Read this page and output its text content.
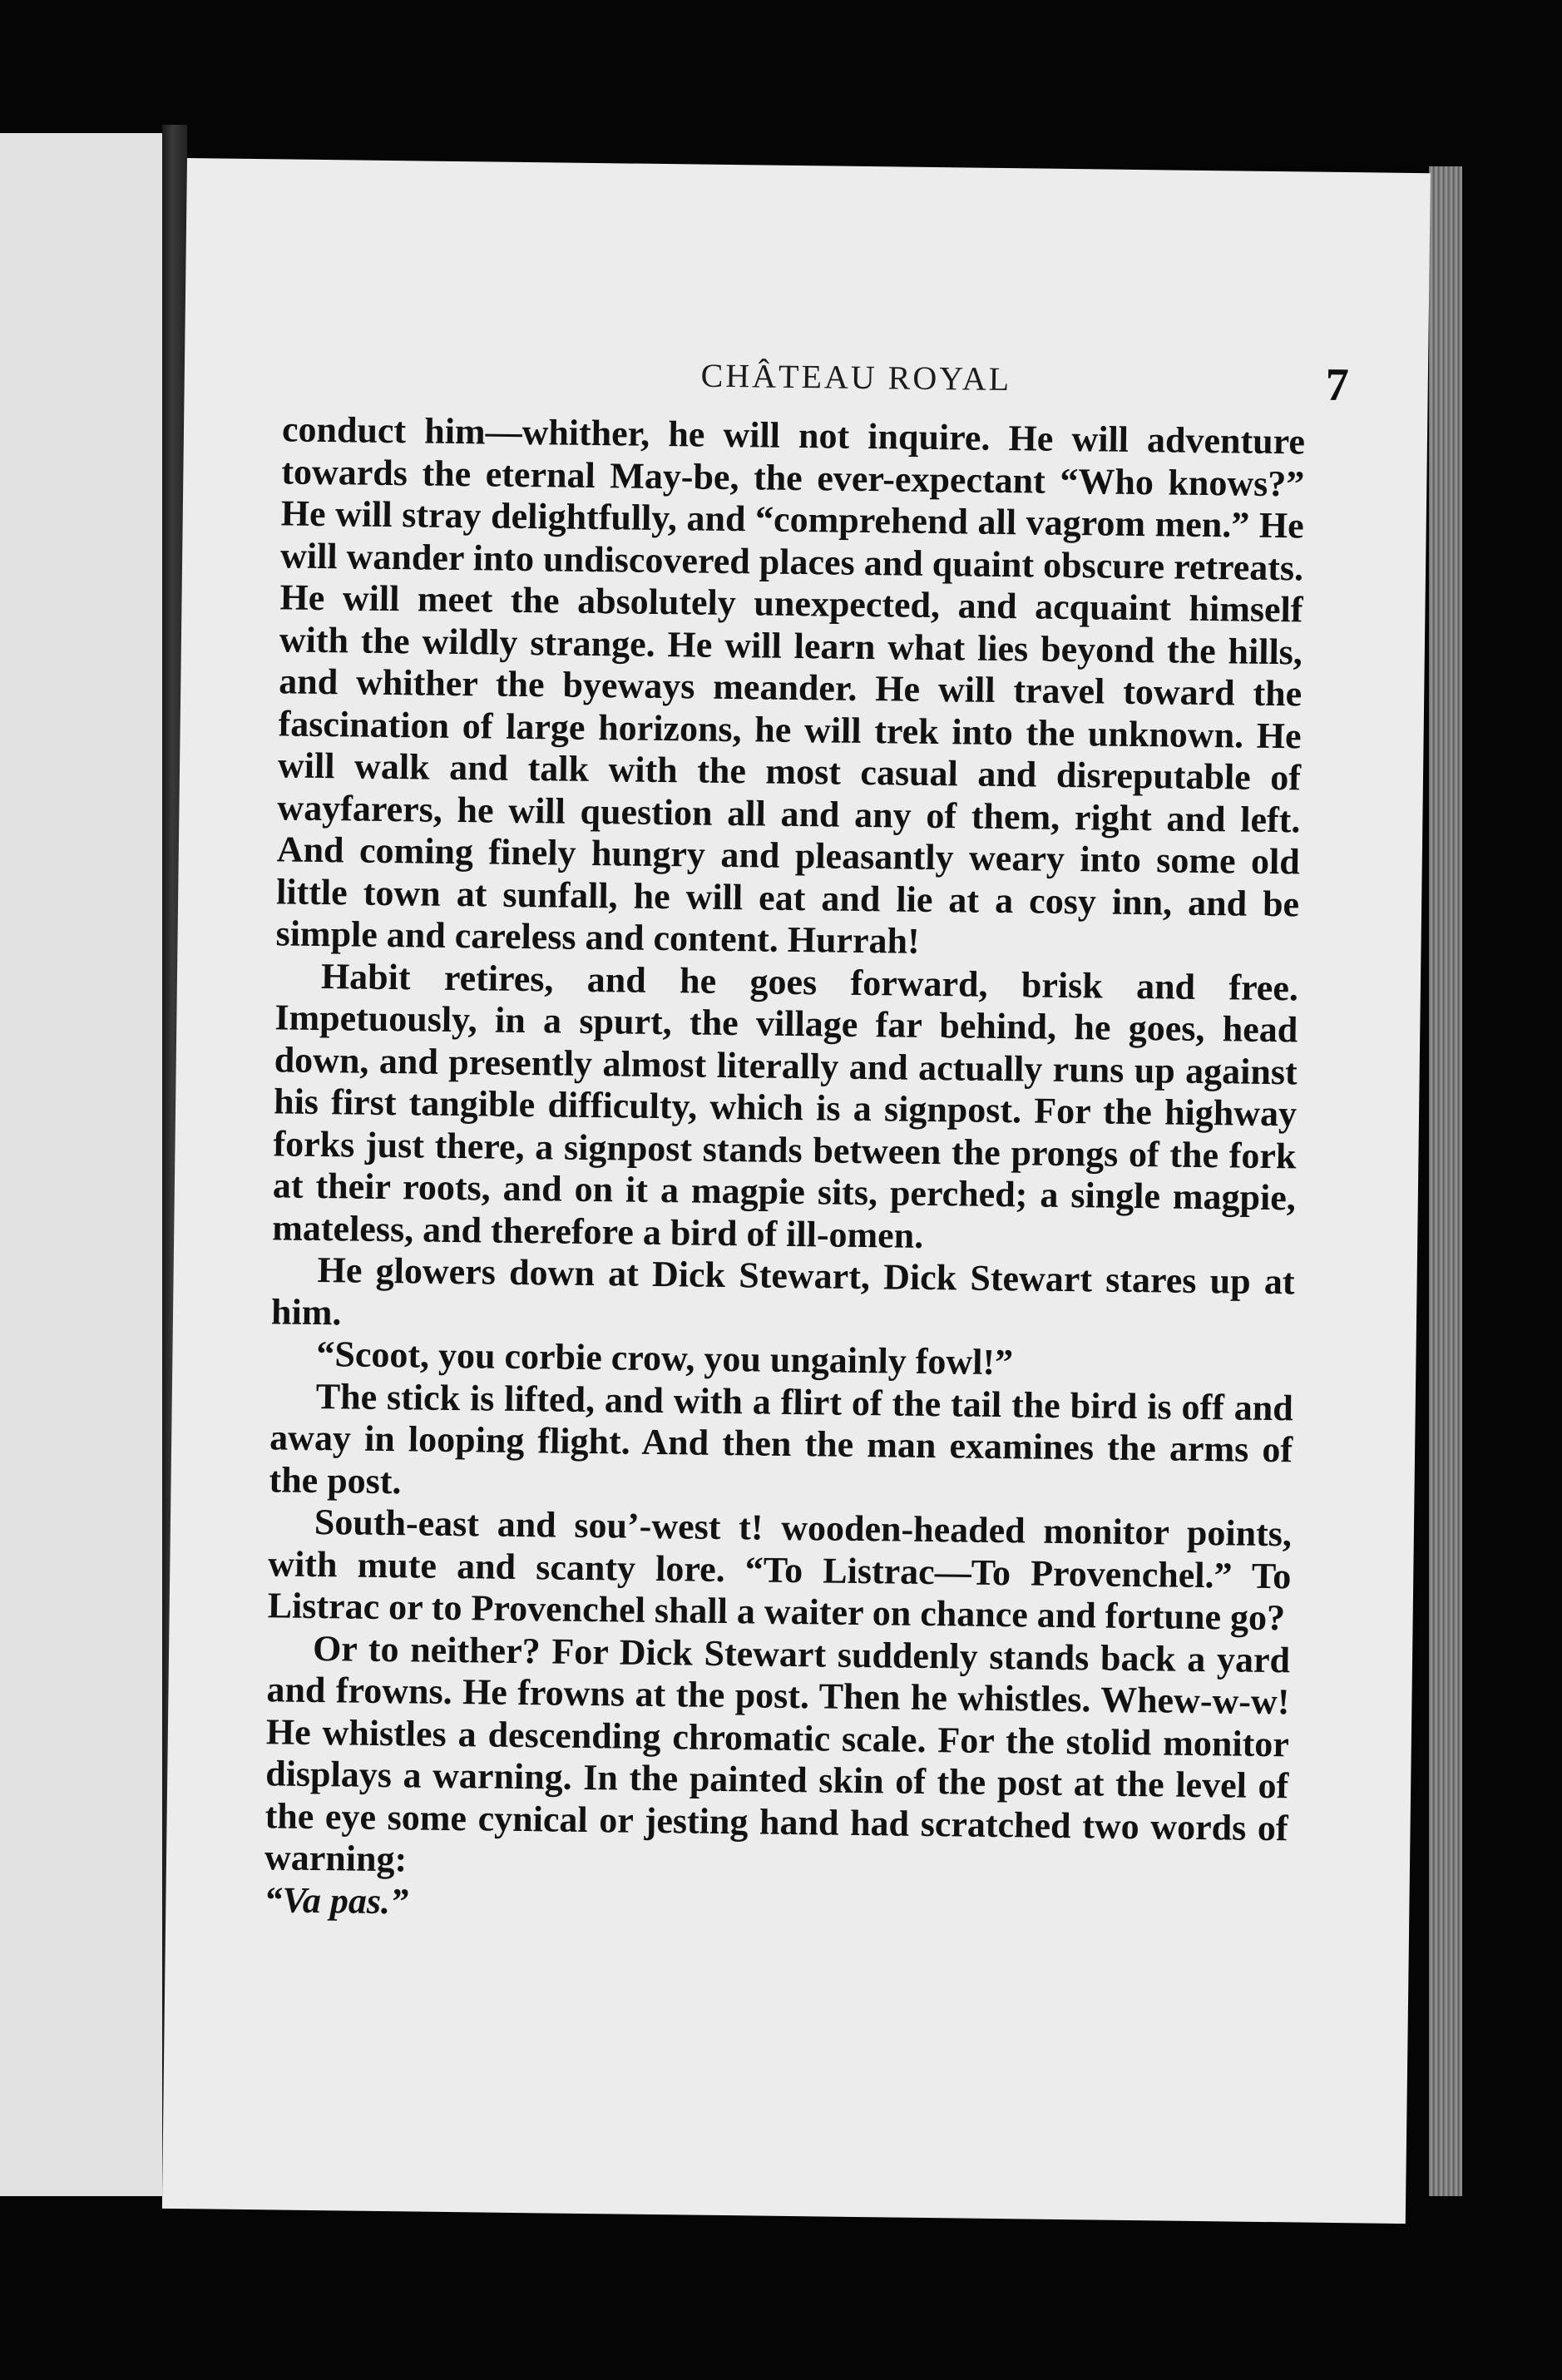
CHÂTEAU ROYAL	7

conduct him—whither, he will not inquire. He will adventure towards the eternal May-be, the ever-expectant “Who knows?” He will stray delightfully, and “comprehend all vagrom men.” He will wander into undiscovered places and quaint obscure retreats. He will meet the absolutely unexpected, and acquaint himself with the wildly strange. He will learn what lies beyond the hills, and whither the byeways meander. He will travel toward the fascination of large horizons, he will trek into the unknown. He will walk and talk with the most casual and disreputable of wayfarers, he will question all and any of them, right and left. And coming finely hungry and pleasantly weary into some old little town at sunfall, he will eat and lie at a cosy inn, and be simple and careless and content. Hurrah!

Habit retires, and he goes forward, brisk and free. Impetuously, in a spurt, the village far behind, he goes, head down, and presently almost literally and actually runs up against his first tangible difficulty, which is a signpost. For the highway forks just there, a signpost stands between the prongs of the fork at their roots, and on it a magpie sits, perched; a single magpie, mateless, and therefore a bird of ill-omen.

He glowers down at Dick Stewart, Dick Stewart stares up at him.

“Scoot, you corbie crow, you ungainly fowl!”

The stick is lifted, and with a flirt of the tail the bird is off and away in looping flight. And then the man examines the arms of the post.

South-east and sou’-west t! wooden-headed monitor points, with mute and scanty lore. “To Listrac—To Provenchel.” To Listrac or to Provenchel shall a waiter on chance and fortune go?

Or to neither? For Dick Stewart suddenly stands back a yard and frowns. He frowns at the post. Then he whistles. Whew-w-w! He whistles a descending chromatic scale. For the stolid monitor displays a warning. In the painted skin of the post at the level of the eye some cynical or jesting hand had scratched two words of warning:

“Va pas.”
